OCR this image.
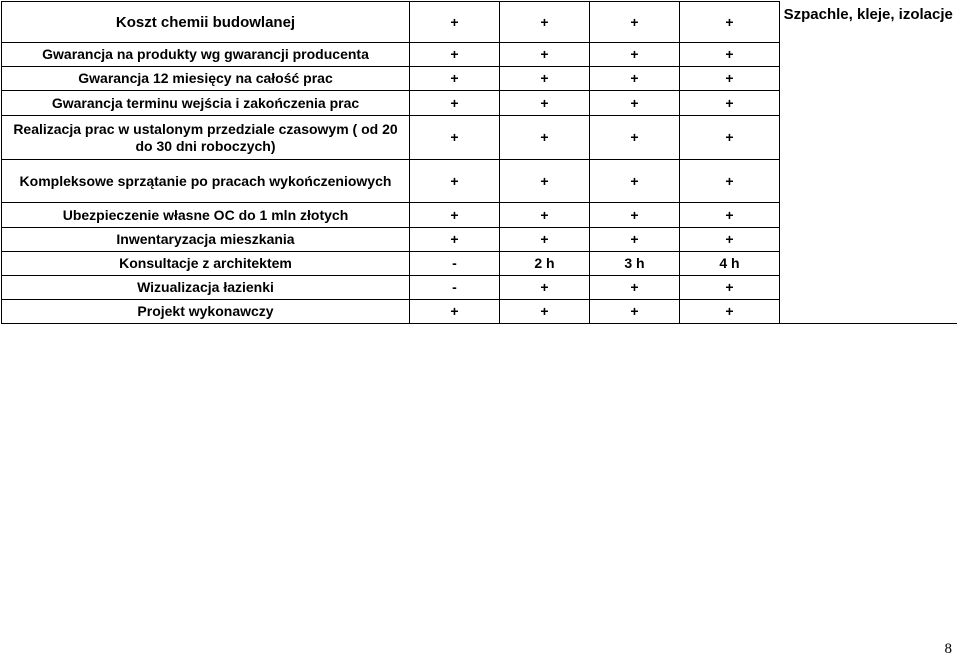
Koszt chemii budowlanej	+	+	+	+	Szpachle, kleje, izolacje
Gwarancja na produkty wg gwarancji producenta	+	+	+	+	
Gwarancja 12 miesięcy na całość prac	+	+	+	+	
Gwarancja terminu wejścia i zakończenia prac	+	+	+	+	
Realizacja prac w ustalonym przedziale czasowym ( od 20 do 30 dni roboczych)	+	+	+	+	
Kompleksowe sprzątanie po pracach wykończeniowych	+	+	+	+	
Ubezpieczenie własne OC do 1 mln złotych	+	+	+	+	
Inwentaryzacja mieszkania	+	+	+	+	
Konsultacje z architektem	-	2 h	3 h	4 h	
Wizualizacja łazienki	-	+	+	+	
Projekt wykonawczy	+	+	+	+	
8
